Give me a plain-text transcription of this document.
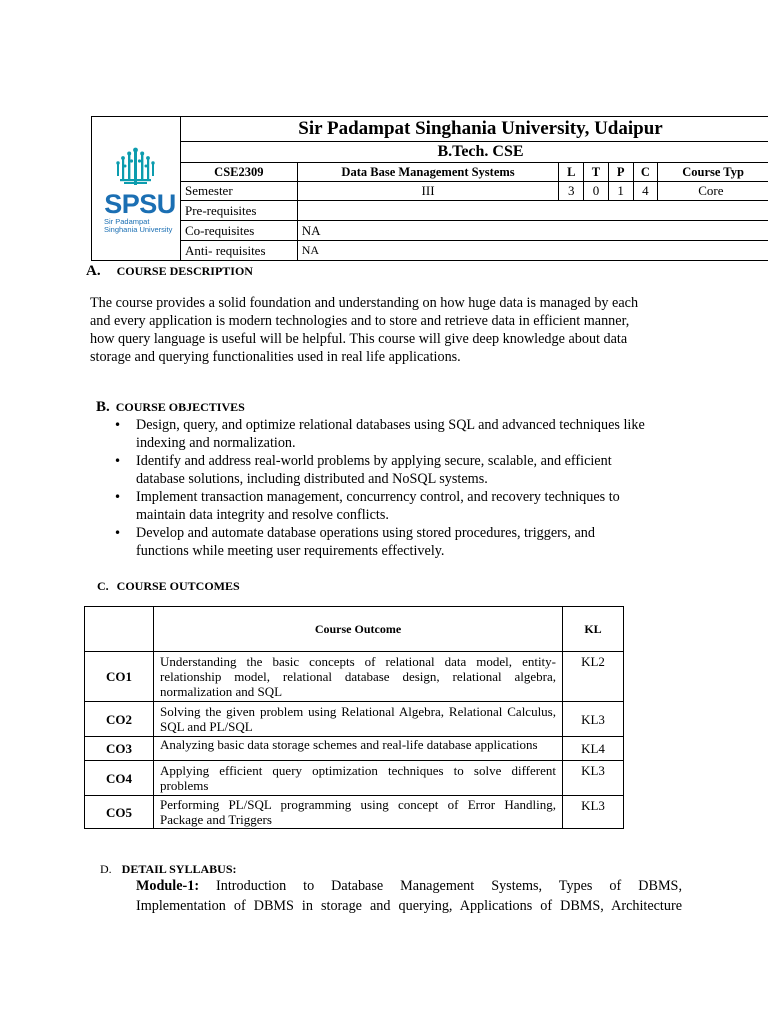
	Sir Padampat Singhania University, Udaipur						
	B.Tech. CSE						
	CSE2309	Data Base Management Systems	L	T	P	C	Course Typ
	Semester	III	3	0	1	4	Core
	Pre-requisites						
	Co-requisites	NA					
	Anti- requisites	NA					
SPSU
Sir Padampat
Singhania University
A. COURSE DESCRIPTION
The course provides a solid foundation and understanding on how huge data is managed by each
and every application is modern technologies and to store and retrieve data in efficient manner,
how query language is useful will be helpful. This course will give deep knowledge about data
storage and querying functionalities used in real life applications.
B. COURSE OBJECTIVES
• Design, query, and optimize relational databases using SQL and advanced techniques like
indexing and normalization.
• Identify and address real-world problems by applying secure, scalable, and efficient
database solutions, including distributed and NoSQL systems.
• Implement transaction management, concurrency control, and recovery techniques to
maintain data integrity and resolve conflicts.
• Develop and automate database operations using stored procedures, triggers, and
functions while meeting user requirements effectively.
C. COURSE OUTCOMES
	Course Outcome	KL
CO1	Understanding the basic concepts of relational data model, entity-relationship model, relational database design, relational algebra, normalization and SQL	KL2
CO2	Solving the given problem using Relational Algebra, Relational Calculus, SQL and PL/SQL	KL3
CO3	Analyzing basic data storage schemes and real-life database applications	KL4
CO4	Applying efficient query optimization techniques to solve different problems	KL3
CO5	Performing PL/SQL programming using concept of Error Handling, Package and Triggers	KL3
D. DETAIL SYLLABUS:
Module-1: Introduction to Database Management Systems, Types of DBMS,
Implementation of DBMS in storage and querying, Applications of DBMS, Architecture
